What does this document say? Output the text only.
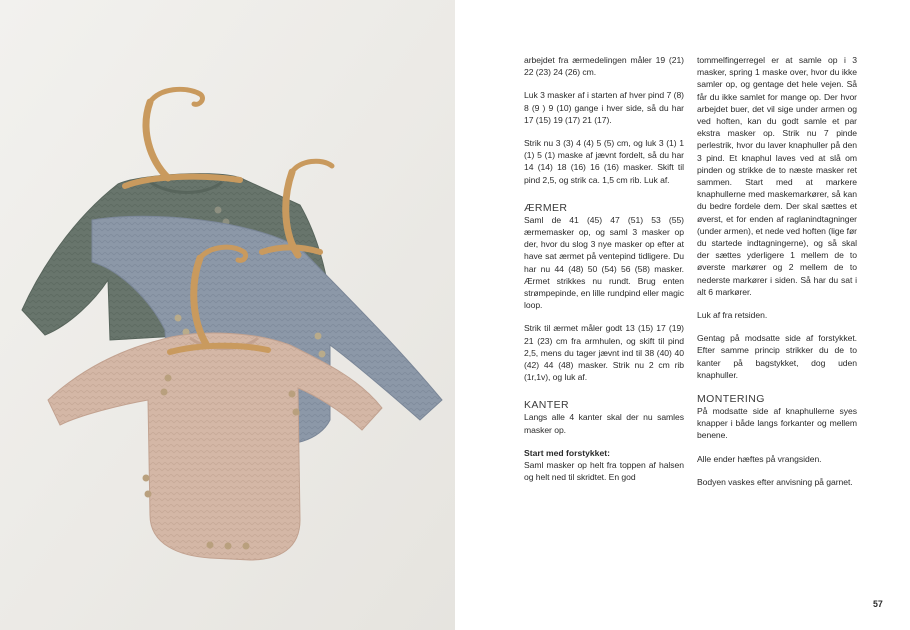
arbejdet fra ærmedelingen måler 19 (21) 22 (23) 24 (26) cm.

Luk 3 masker af i starten af hver pind 7 (8) 8 (9 ) 9 (10) gange i hver side, så du har 17 (15) 19 (17) 21 (17).

Strik nu 3 (3) 4 (4) 5 (5) cm, og luk 3 (1) 1 (1) 5 (1) maske af jævnt fordelt, så du har 14 (14) 18 (16) 16 (16) masker. Skift til pind 2,5, og strik ca. 1,5 cm rib. Luk af.

ÆRMER

Saml de 41 (45) 47 (51) 53 (55) ærmemasker op, og saml 3 masker op der, hvor du slog 3 nye masker op efter at have sat ærmet på ventepind tidligere. Du har nu 44 (48) 50 (54) 56 (58) masker. Ærmet strikkes nu rundt. Brug enten strømpepinde, en lille rundpind eller magic loop.

Strik til ærmet måler godt 13 (15) 17 (19) 21 (23) cm fra armhulen, og skift til pind 2,5, mens du tager jævnt ind til 38 (40) 40 (42) 44 (48) masker. Strik nu 2 cm rib (1r,1v), og luk af.

KANTER

Langs alle 4 kanter skal der nu samles masker op.

Start med forstykket:

Saml masker op helt fra toppen af halsen og helt ned til skridtet. En god

tommelfingerregel er at samle op i 3 masker, spring 1 maske over, hvor du ikke samler op, og gentage det hele vejen. Så får du ikke samlet for mange op. Der hvor arbejdet buer, det vil sige under armen og ved hoften, kan du godt samle et par ekstra masker op. Strik nu 7 pinde perlestrik, hvor du laver knaphuller på den 3 pind. Et knaphul laves ved at slå om pinden og strikke de to næste masker ret sammen. Start med at markere knaphullerne med maskemarkører, så kan du bedre fordele dem. Der skal sættes et øverst, et for enden af raglanindtagninger (under armen), et nede ved hoften (lige før du startede indtagningerne), og så skal der sættes yderligere 1 mellem de to øverste markører og 2 mellem de to nederste markører i siden. Så har du sat i alt 6 markører.

Luk af fra retsiden.

Gentag på modsatte side af forstykket. Efter samme princip strikker du de to kanter på bagstykket, dog uden knaphuller.

MONTERING

På modsatte side af knaphullerne syes knapper i både langs forkanter og mellem benene.

Alle ender hæftes på vrangsiden.

Bodyen vaskes efter anvisning på garnet.

57
